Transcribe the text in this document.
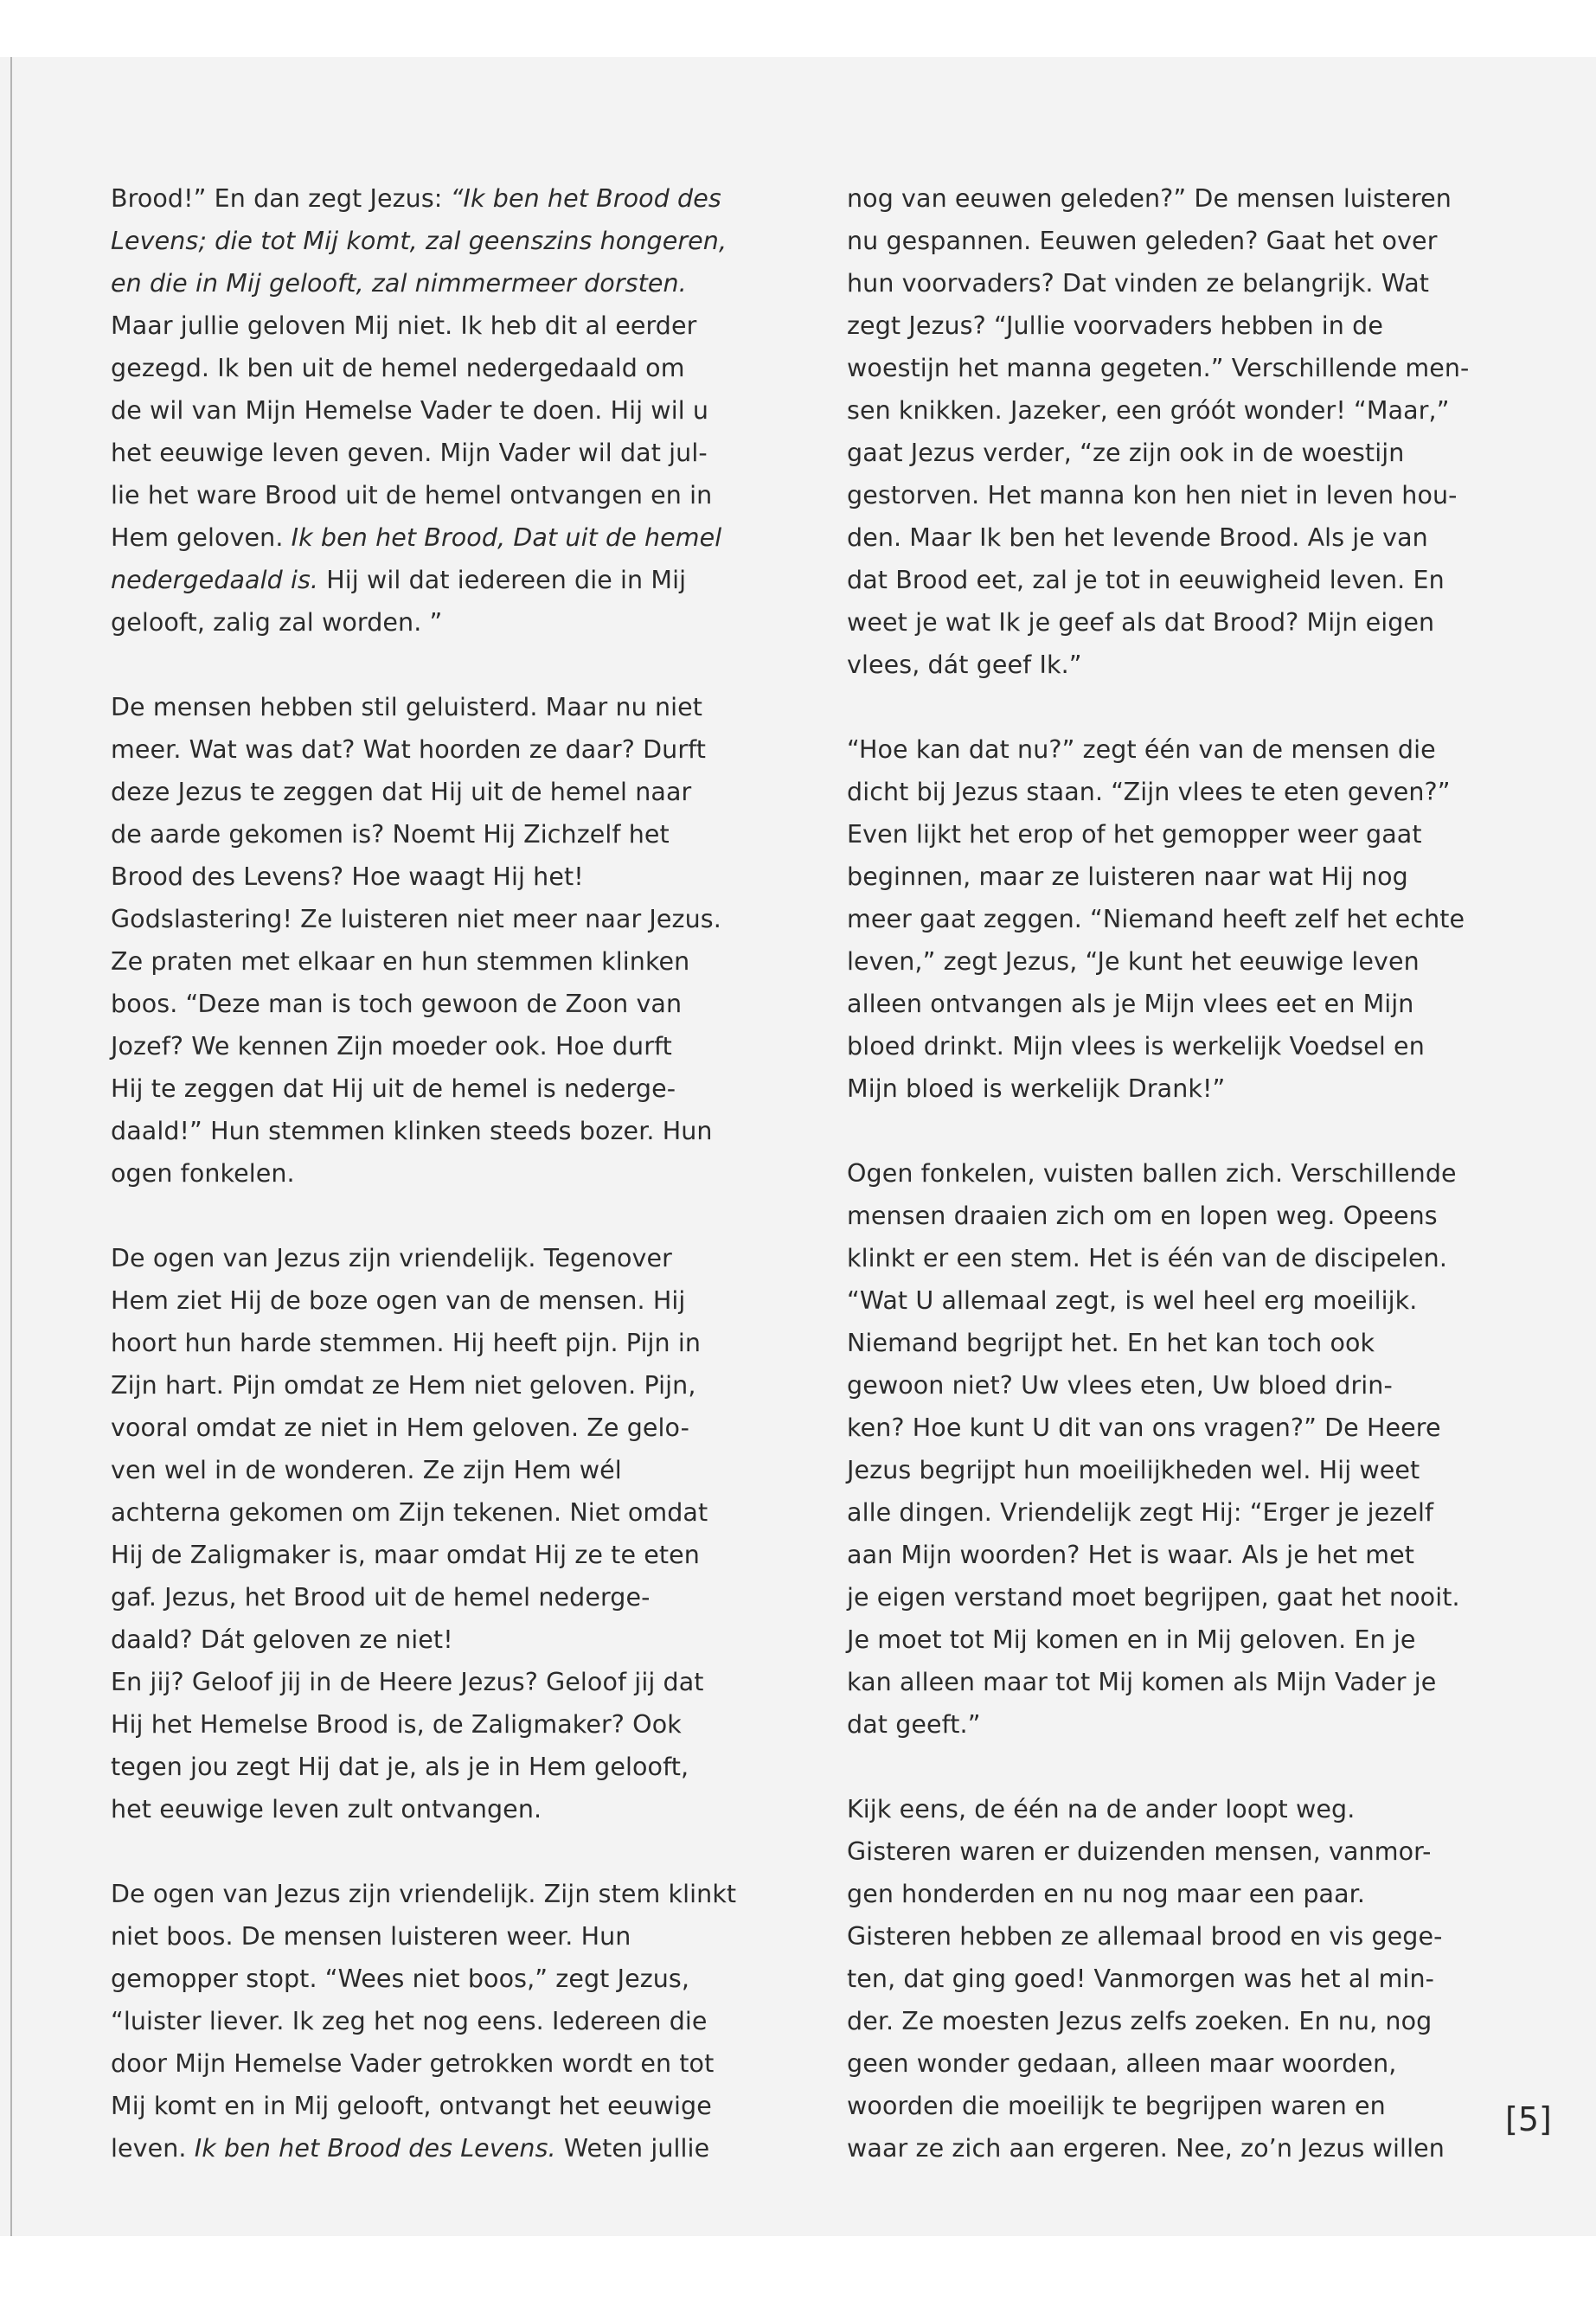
Brood!” En dan zegt Jezus: “Ik ben het Brood des
Levens; die tot Mij komt, zal geenszins hongeren,
en die in Mij gelooft, zal nimmermeer dorsten.
Maar jullie geloven Mij niet. Ik heb dit al eerder
gezegd. Ik ben uit de hemel nedergedaald om
de wil van Mijn Hemelse Vader te doen. Hij wil u
het eeuwige leven geven. Mijn Vader wil dat jul-
lie het ware Brood uit de hemel ontvangen en in
Hem geloven. Ik ben het Brood, Dat uit de hemel
nedergedaald is. Hij wil dat iedereen die in Mij
gelooft, zalig zal worden. ”
De mensen hebben stil geluisterd. Maar nu niet
meer. Wat was dat? Wat hoorden ze daar? Durft
deze Jezus te zeggen dat Hij uit de hemel naar
de aarde gekomen is? Noemt Hij Zichzelf het
Brood des Levens? Hoe waagt Hij het!
Godslastering! Ze luisteren niet meer naar Jezus.
Ze praten met elkaar en hun stemmen klinken
boos. “Deze man is toch gewoon de Zoon van
Jozef? We kennen Zijn moeder ook. Hoe durft
Hij te zeggen dat Hij uit de hemel is nederge-
daald!” Hun stemmen klinken steeds bozer. Hun
ogen fonkelen.
De ogen van Jezus zijn vriendelijk. Tegenover
Hem ziet Hij de boze ogen van de mensen. Hij
hoort hun harde stemmen. Hij heeft pijn. Pijn in
Zijn hart. Pijn omdat ze Hem niet geloven. Pijn,
vooral omdat ze niet in Hem geloven. Ze gelo-
ven wel in de wonderen. Ze zijn Hem wél
achterna gekomen om Zijn tekenen. Niet omdat
Hij de Zaligmaker is, maar omdat Hij ze te eten
gaf. Jezus, het Brood uit de hemel nederge-
daald? Dát geloven ze niet!
En jij? Geloof jij in de Heere Jezus? Geloof jij dat
Hij het Hemelse Brood is, de Zaligmaker? Ook
tegen jou zegt Hij dat je, als je in Hem gelooft,
het eeuwige leven zult ontvangen.
De ogen van Jezus zijn vriendelijk. Zijn stem klinkt
niet boos. De mensen luisteren weer. Hun
gemopper stopt. “Wees niet boos,” zegt Jezus,
“luister liever. Ik zeg het nog eens. Iedereen die
door Mijn Hemelse Vader getrokken wordt en tot
Mij komt en in Mij gelooft, ontvangt het eeuwige
leven. Ik ben het Brood des Levens. Weten jullie
nog van eeuwen geleden?” De mensen luisteren
nu gespannen. Eeuwen geleden? Gaat het over
hun voorvaders? Dat vinden ze belangrijk. Wat
zegt Jezus? “Jullie voorvaders hebben in de
woestijn het manna gegeten.” Verschillende men-
sen knikken. Jazeker, een gróót wonder! “Maar,”
gaat Jezus verder, “ze zijn ook in de woestijn
gestorven. Het manna kon hen niet in leven hou-
den. Maar Ik ben het levende Brood. Als je van
dat Brood eet, zal je tot in eeuwigheid leven. En
weet je wat Ik je geef als dat Brood? Mijn eigen
vlees, dát geef Ik.”
“Hoe kan dat nu?” zegt één van de mensen die
dicht bij Jezus staan. “Zijn vlees te eten geven?”
Even lijkt het erop of het gemopper weer gaat
beginnen, maar ze luisteren naar wat Hij nog
meer gaat zeggen. “Niemand heeft zelf het echte
leven,” zegt Jezus, “Je kunt het eeuwige leven
alleen ontvangen als je Mijn vlees eet en Mijn
bloed drinkt. Mijn vlees is werkelijk Voedsel en
Mijn bloed is werkelijk Drank!”
Ogen fonkelen, vuisten ballen zich. Verschillende
mensen draaien zich om en lopen weg. Opeens
klinkt er een stem. Het is één van de discipelen.
“Wat U allemaal zegt, is wel heel erg moeilijk.
Niemand begrijpt het. En het kan toch ook
gewoon niet? Uw vlees eten, Uw bloed drin-
ken? Hoe kunt U dit van ons vragen?” De Heere
Jezus begrijpt hun moeilijkheden wel. Hij weet
alle dingen. Vriendelijk zegt Hij: “Erger je jezelf
aan Mijn woorden? Het is waar. Als je het met
je eigen verstand moet begrijpen, gaat het nooit.
Je moet tot Mij komen en in Mij geloven. En je
kan alleen maar tot Mij komen als Mijn Vader je
dat geeft.”
Kijk eens, de één na de ander loopt weg.
Gisteren waren er duizenden mensen, vanmor-
gen honderden en nu nog maar een paar.
Gisteren hebben ze allemaal brood en vis gege-
ten, dat ging goed! Vanmorgen was het al min-
der. Ze moesten Jezus zelfs zoeken. En nu, nog
geen wonder gedaan, alleen maar woorden,
woorden die moeilijk te begrijpen waren en
waar ze zich aan ergeren. Nee, zo’n Jezus willen
[5]
